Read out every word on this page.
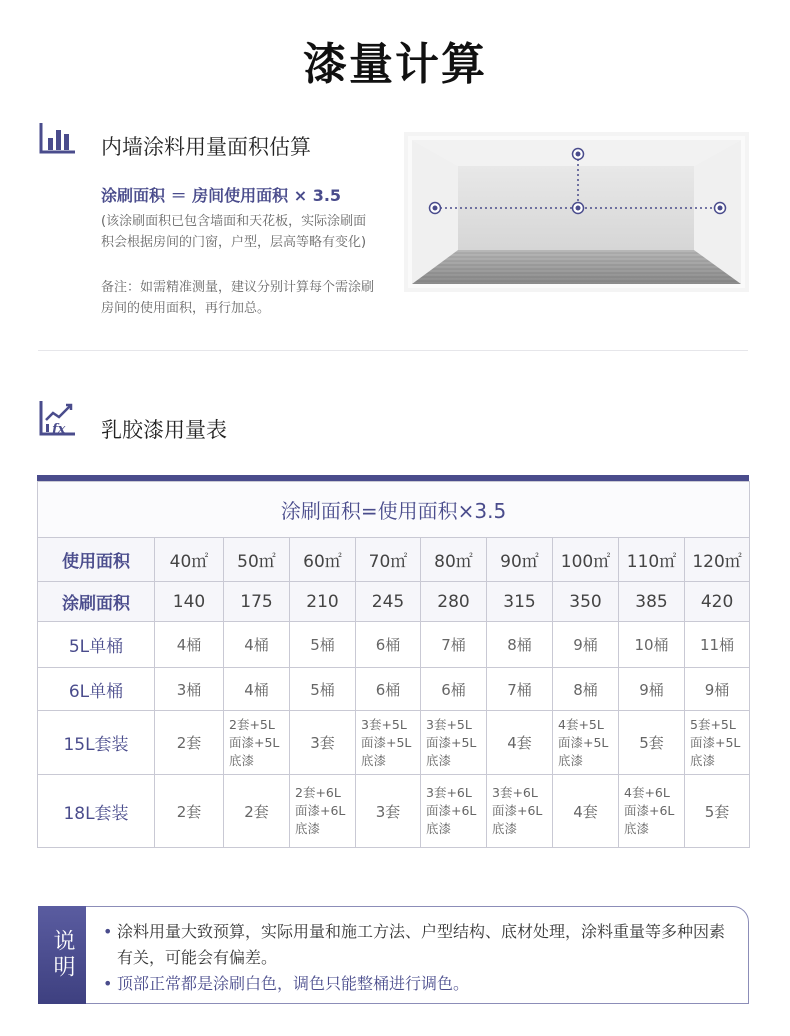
漆量计算
内墙涂料用量面积估算
涂刷面积 ＝ 房间使用面积 × 3.5
(该涂刷面积已包含墙面和天花板，实际涂刷面积会根据房间的门窗，户型，层高等略有变化)
备注：如需精准测量，建议分别计算每个需涂刷房间的使用面积，再行加总。
fx 乳胶漆用量表
涂刷面积=使用面积×3.5									
使用面积	40㎡	50㎡	60㎡	70㎡	80㎡	90㎡	100㎡	110㎡	120㎡
涂刷面积	140	175	210	245	280	315	350	385	420
5L单桶	4桶	4桶	5桶	6桶	7桶	8桶	9桶	10桶	11桶
6L单桶	3桶	4桶	5桶	6桶	6桶	7桶	8桶	9桶	9桶
15L套装	2套	2套+5L
面漆+5L
底漆	3套	3套+5L
面漆+5L
底漆	3套+5L
面漆+5L
底漆	4套	4套+5L
面漆+5L
底漆	5套	5套+5L
面漆+5L
底漆
18L套装	2套	2套	2套+6L
面漆+6L
底漆	3套	3套+6L
面漆+6L
底漆	3套+6L
面漆+6L
底漆	4套	4套+6L
面漆+6L
底漆	5套
说明	• 涂料用量大致预算，实际用量和施工方法、户型结构、底材处理，涂料重量等多种因素有关，可能会有偏差。
• 顶部正常都是涂刷白色，调色只能整桶进行调色。
